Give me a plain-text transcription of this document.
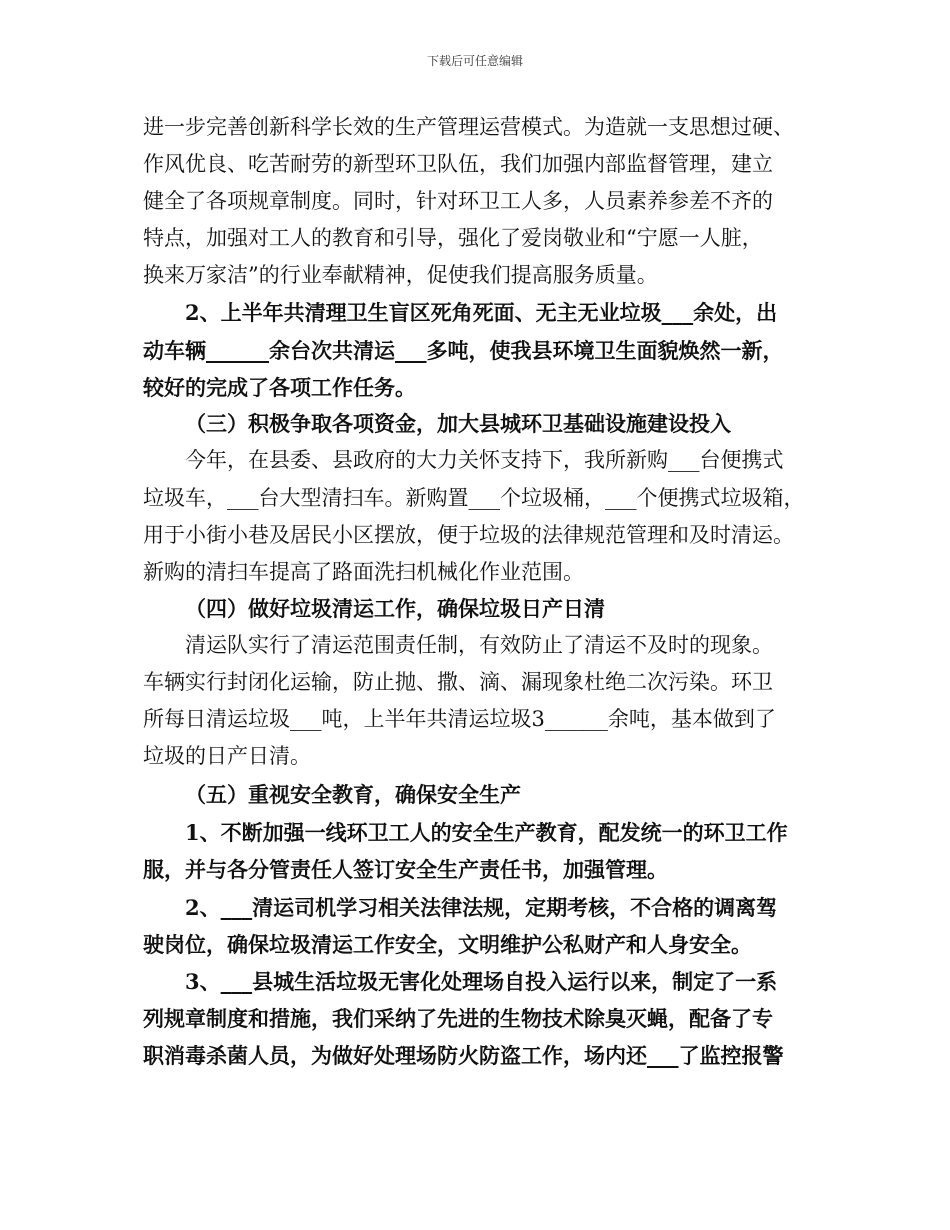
下载后可任意编辑
进一步完善创新科学长效的生产管理运营模式。为造就一支思想过硬、
作风优良、吃苦耐劳的新型环卫队伍，我们加强内部监督管理，建立
健全了各项规章制度。同时，针对环卫工人多，人员素养参差不齐的
特点，加强对工人的教育和引导，强化了爱岗敬业和“宁愿一人脏，
换来万家洁”的行业奉献精神，促使我们提高服务质量。
2、上半年共清理卫生盲区死角死面、无主无业垃圾___余处，出
动车辆______余台次共清运___多吨，使我县环境卫生面貌焕然一新，
较好的完成了各项工作任务。
（三）积极争取各项资金，加大县城环卫基础设施建设投入
今年，在县委、县政府的大力关怀支持下，我所新购___台便携式
垃圾车，___台大型清扫车。新购置___个垃圾桶，___个便携式垃圾箱，
用于小街小巷及居民小区摆放，便于垃圾的法律规范管理和及时清运。
新购的清扫车提高了路面洗扫机械化作业范围。
（四）做好垃圾清运工作，确保垃圾日产日清
清运队实行了清运范围责任制，有效防止了清运不及时的现象。
车辆实行封闭化运输，防止抛、撒、滴、漏现象杜绝二次污染。环卫
所每日清运垃圾___吨，上半年共清运垃圾3______余吨，基本做到了
垃圾的日产日清。
（五）重视安全教育，确保安全生产
1、不断加强一线环卫工人的安全生产教育，配发统一的环卫工作
服，并与各分管责任人签订安全生产责任书，加强管理。
2、___清运司机学习相关法律法规，定期考核，不合格的调离驾
驶岗位，确保垃圾清运工作安全，文明维护公私财产和人身安全。
3、___县城生活垃圾无害化处理场自投入运行以来，制定了一系
列规章制度和措施，我们采纳了先进的生物技术除臭灭蝇，配备了专
职消毒杀菌人员，为做好处理场防火防盗工作，场内还___了监控报警
